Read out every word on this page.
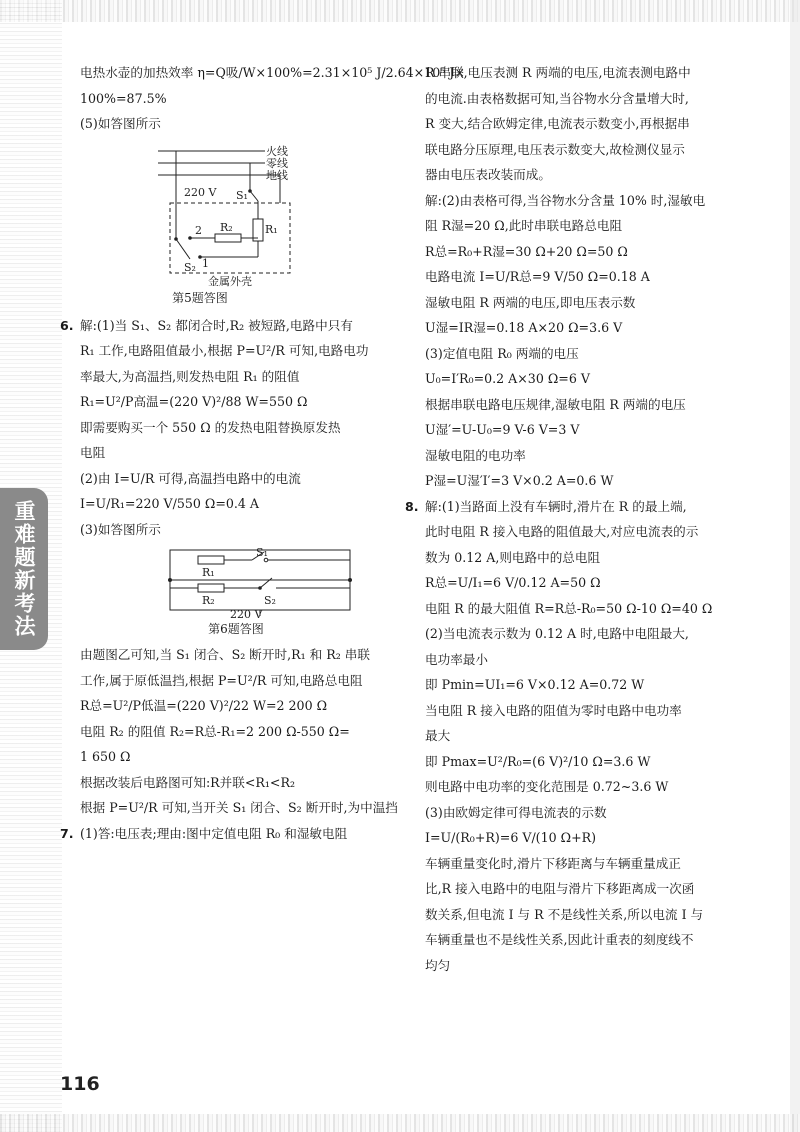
重难题新考法
电热水壶的加热效率 η=Q吸/W×100%=2.31×10⁵ J/2.64×10⁵ J×
100%=87.5%
(5)如答图所示
火线
零线
地线
220 V S₁
R₁
R₂
2
1
S₂
金属外壳
第5题答图
6. 解:(1)当 S₁、S₂ 都闭合时,R₂ 被短路,电路中只有
R₁ 工作,电路阻值最小,根据 P=U²/R 可知,电路电功
率最大,为高温挡,则发热电阻 R₁ 的阻值
R₁=U²/P高温=(220 V)²/88 W=550 Ω
即需要购买一个 550 Ω 的发热电阻替换原发热
电阻
(2)由 I=U/R 可得,高温挡电路中的电流
I=U/R₁=220 V/550 Ω=0.4 A
(3)如答图所示
R₁
R₂
S₁
S₂
220 V
第6题答图
由题图乙可知,当 S₁ 闭合、S₂ 断开时,R₁ 和 R₂ 串联
工作,属于原低温挡,根据 P=U²/R 可知,电路总电阻
R总=U²/P低温=(220 V)²/22 W=2 200 Ω
电阻 R₂ 的阻值 R₂=R总-R₁=2 200 Ω-550 Ω=
1 650 Ω
根据改装后电路图可知:R并联<R₁<R₂
根据 P=U²/R 可知,当开关 S₁ 闭合、S₂ 断开时,为中温挡
7. (1)答:电压表;理由:图中定值电阻 R₀ 和湿敏电阻
R 串联,电压表测 R 两端的电压,电流表测电路中
的电流.由表格数据可知,当谷物水分含量增大时,
R 变大,结合欧姆定律,电流表示数变小,再根据串
联电路分压原理,电压表示数变大,故检测仪显示
器由电压表改装而成。
解:(2)由表格可得,当谷物水分含量 10% 时,湿敏电
阻 R湿=20 Ω,此时串联电路总电阻
R总=R₀+R湿=30 Ω+20 Ω=50 Ω
电路电流 I=U/R总=9 V/50 Ω=0.18 A
湿敏电阻 R 两端的电压,即电压表示数
U湿=IR湿=0.18 A×20 Ω=3.6 V
(3)定值电阻 R₀ 两端的电压
U₀=I′R₀=0.2 A×30 Ω=6 V
根据串联电路电压规律,湿敏电阻 R 两端的电压
U湿′=U-U₀=9 V-6 V=3 V
湿敏电阻的电功率
P湿=U湿′I′=3 V×0.2 A=0.6 W
8. 解:(1)当路面上没有车辆时,滑片在 R 的最上端,
此时电阻 R 接入电路的阻值最大,对应电流表的示
数为 0.12 A,则电路中的总电阻
R总=U/I₁=6 V/0.12 A=50 Ω
电阻 R 的最大阻值 R=R总-R₀=50 Ω-10 Ω=40 Ω
(2)当电流表示数为 0.12 A 时,电路中电阻最大,
电功率最小
即 Pmin=UI₁=6 V×0.12 A=0.72 W
当电阻 R 接入电路的阻值为零时电路中电功率
最大
即 Pmax=U²/R₀=(6 V)²/10 Ω=3.6 W
则电路中电功率的变化范围是 0.72~3.6 W
(3)由欧姆定律可得电流表的示数
I=U/(R₀+R)=6 V/(10 Ω+R)
车辆重量变化时,滑片下移距离与车辆重量成正
比,R 接入电路中的电阻与滑片下移距离成一次函
数关系,但电流 I 与 R 不是线性关系,所以电流 I 与
车辆重量也不是线性关系,因此计重表的刻度线不
均匀
116
